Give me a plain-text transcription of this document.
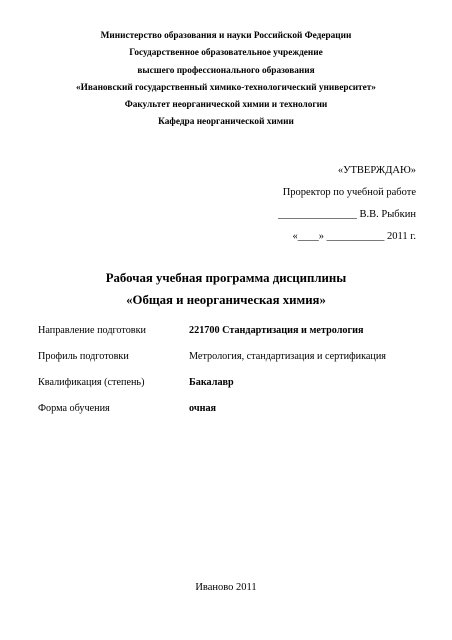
Министерство образования и науки Российской Федерации
Государственное образовательное учреждение
высшего профессионального образования
«Ивановский государственный химико-технологический университет»
Факультет неорганической химии и технологии
Кафедра неорганической химии
«УТВЕРЖДАЮ»
Проректор по учебной работе
_______________ В.В. Рыбкин
«____» ___________ 2011 г.
Рабочая учебная программа дисциплины
«Общая и неорганическая химия»
Направление подготовки	221700 Стандартизация и метрология
Профиль подготовки	Метрология, стандартизация и сертификация
Квалификация (степень)	Бакалавр
Форма обучения	очная
Иваново 2011
